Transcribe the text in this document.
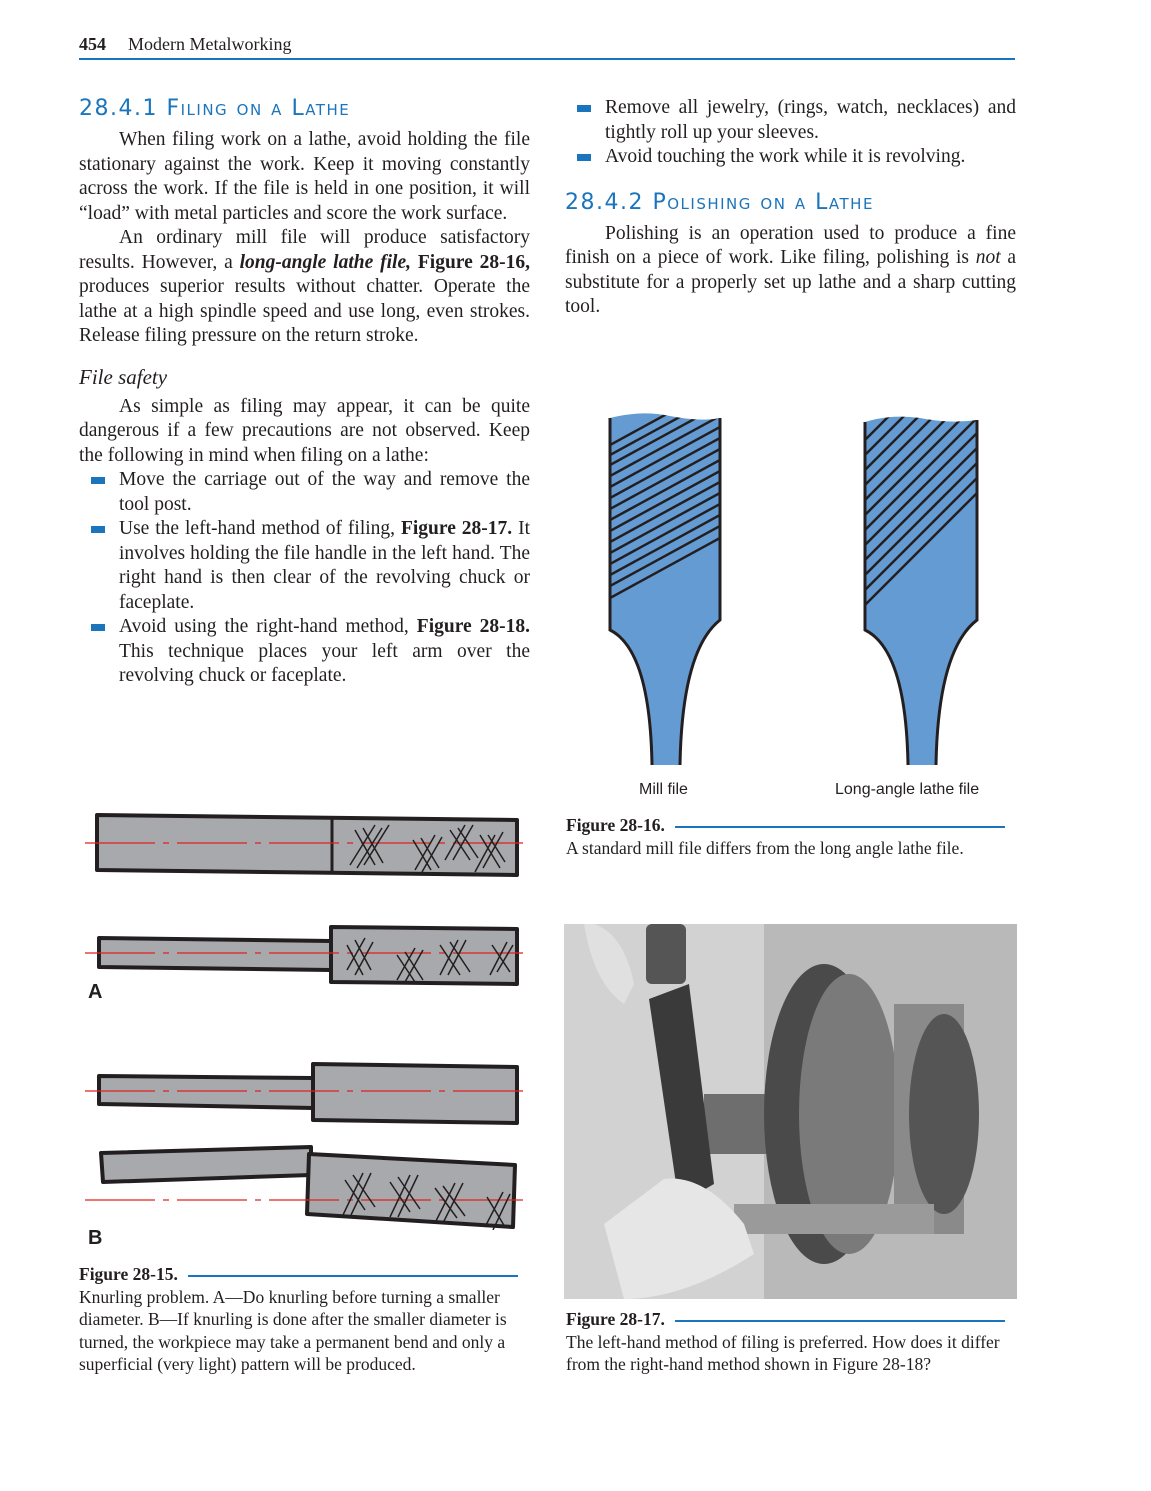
454 Modern Metalworking
28.4.1 Filing on a Lathe

When filing work on a lathe, avoid holding the file stationary against the work. Keep it moving constantly across the work. If the file is held in one position, it will “load” with metal particles and score the work surface.

An ordinary mill file will produce satisfactory results. However, a long-angle lathe file, Figure 28-16, produces superior results without chatter. Operate the lathe at a high spindle speed and use long, even strokes. Release filing pressure on the return stroke.

File safety

As simple as filing may appear, it can be quite dangerous if a few precautions are not observed. Keep the following in mind when filing on a lathe:

Move the carriage out of the way and remove the tool post.
Use the left-hand method of filing, Figure 28-17. It involves holding the file handle in the left hand. The right hand is then clear of the revolving chuck or faceplate.
Avoid using the right-hand method, Figure 28-18. This technique places your left arm over the revolving chuck or faceplate.
Remove all jewelry, (rings, watch, necklaces) and tightly roll up your sleeves.
Avoid touching the work while it is revolving.
28.4.2 Polishing on a Lathe

Polishing is an operation used to produce a fine finish on a piece of work. Like filing, polishing is not a substitute for a properly set up lathe and a sharp cutting tool.

Mill file	Long-angle lathe file
Figure 28-16.
A standard mill file differs from the long angle lathe file.
A
B
Figure 28-15.
Knurling problem. A—Do knurling before turning a smaller diameter. B—If knurling is done after the smaller diameter is turned, the workpiece may take a permanent bend and only a superficial (very light) pattern will be produced.
Figure 28-17.
The left-hand method of filing is preferred. How does it differ from the right-hand method shown in Figure 28-18?
